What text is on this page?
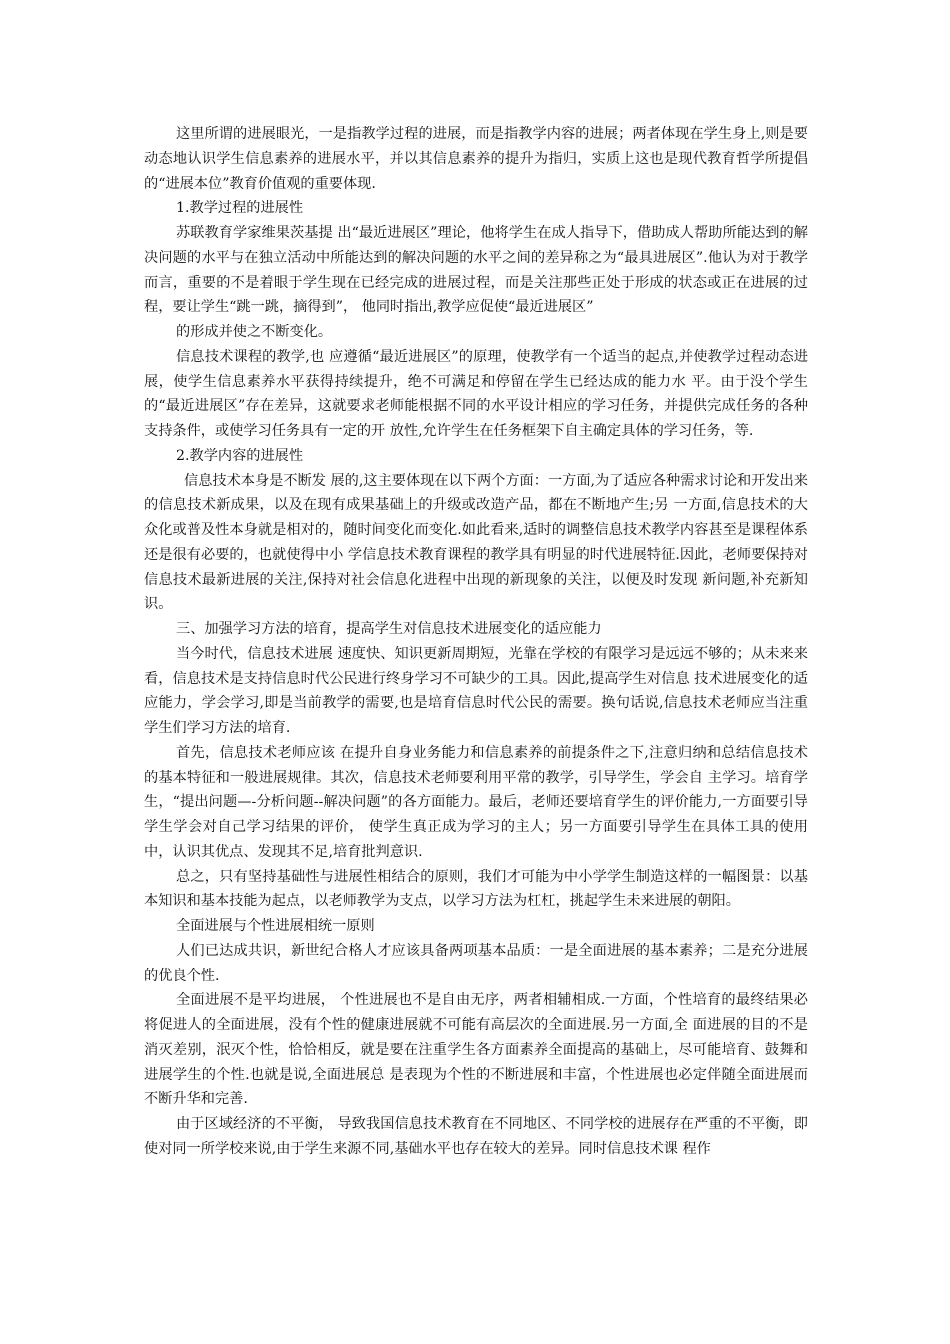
这里所谓的进展眼光，一是指教学过程的进展，而是指教学内容的进展；两者体现在学生身上,则是要动态地认识学生信息素养的进展水平，并以其信息素养的提升为指归，实质上这也是现代教育哲学所提倡的“进展本位”教育价值观的重要体现.

1.教学过程的进展性

苏联教育学家维果茨基提 出“最近进展区”理论，他将学生在成人指导下，借助成人帮助所能达到的解决问题的水平与在独立活动中所能达到的解决问题的水平之间的差异称之为“最具进展区”.他认为对于教学而言，重要的不是着眼于学生现在已经完成的进展过程，而是关注那些正处于形成的状态或正在进展的过程，要让学生“跳一跳，摘得到”， 他同时指出,教学应促使“最近进展区”

的形成并使之不断变化。

信息技术课程的教学,也 应遵循“最近进展区”的原理，使教学有一个适当的起点,并使教学过程动态进展，使学生信息素养水平获得持续提升，绝不可满足和停留在学生已经达成的能力水 平。由于没个学生的“最近进展区”存在差异，这就要求老师能根据不同的水平设计相应的学习任务，并提供完成任务的各种支持条件，或使学习任务具有一定的开 放性,允许学生在任务框架下自主确定具体的学习任务，等.

2.教学内容的进展性

信息技术本身是不断发 展的,这主要体现在以下两个方面：一方面,为了适应各种需求讨论和开发出来的信息技术新成果，以及在现有成果基础上的升级或改造产品，都在不断地产生;另 一方面,信息技术的大众化或普及性本身就是相对的，随时间变化而变化.如此看来,适时的调整信息技术教学内容甚至是课程体系还是很有必要的，也就使得中小 学信息技术教育课程的教学具有明显的时代进展特征.因此，老师要保持对信息技术最新进展的关注,保持对社会信息化进程中出现的新现象的关注，以便及时发现 新问题,补充新知识。

三、加强学习方法的培育，提高学生对信息技术进展变化的适应能力

当今时代，信息技术进展 速度快、知识更新周期短，光靠在学校的有限学习是远远不够的；从未来来看，信息技术是支持信息时代公民进行终身学习不可缺少的工具。因此,提高学生对信息 技术进展变化的适应能力，学会学习,即是当前教学的需要,也是培育信息时代公民的需要。换句话说,信息技术老师应当注重学生们学习方法的培育.

首先，信息技术老师应该 在提升自身业务能力和信息素养的前提条件之下,注意归纳和总结信息技术的基本特征和一般进展规律。其次，信息技术老师要利用平常的教学，引导学生，学会自 主学习。培育学生，“提出问题—-分析问题--解决问题”的各方面能力。最后，老师还要培育学生的评价能力,一方面要引导学生学会对自己学习结果的评价， 使学生真正成为学习的主人；另一方面要引导学生在具体工具的使用中，认识其优点、发现其不足,培育批判意识.

总之，只有坚持基础性与进展性相结合的原则，我们才可能为中小学学生制造这样的一幅图景：以基本知识和基本技能为起点，以老师教学为支点，以学习方法为杠杠，挑起学生未来进展的朝阳。

全面进展与个性进展相统一原则

人们已达成共识，新世纪合格人才应该具备两项基本品质：一是全面进展的基本素养；二是充分进展的优良个性.

全面进展不是平均进展， 个性进展也不是自由无序，两者相辅相成.一方面，个性培育的最终结果必将促进人的全面进展，没有个性的健康进展就不可能有高层次的全面进展.另一方面,全 面进展的目的不是消灭差别，泯灭个性，恰恰相反，就是要在注重学生各方面素养全面提高的基础上，尽可能培育、鼓舞和进展学生的个性.也就是说,全面进展总 是表现为个性的不断进展和丰富，个性进展也必定伴随全面进展而不断升华和完善.

由于区域经济的不平衡， 导致我国信息技术教育在不同地区、不同学校的进展存在严重的不平衡，即使对同一所学校来说,由于学生来源不同,基础水平也存在较大的差异。同时信息技术课 程作
